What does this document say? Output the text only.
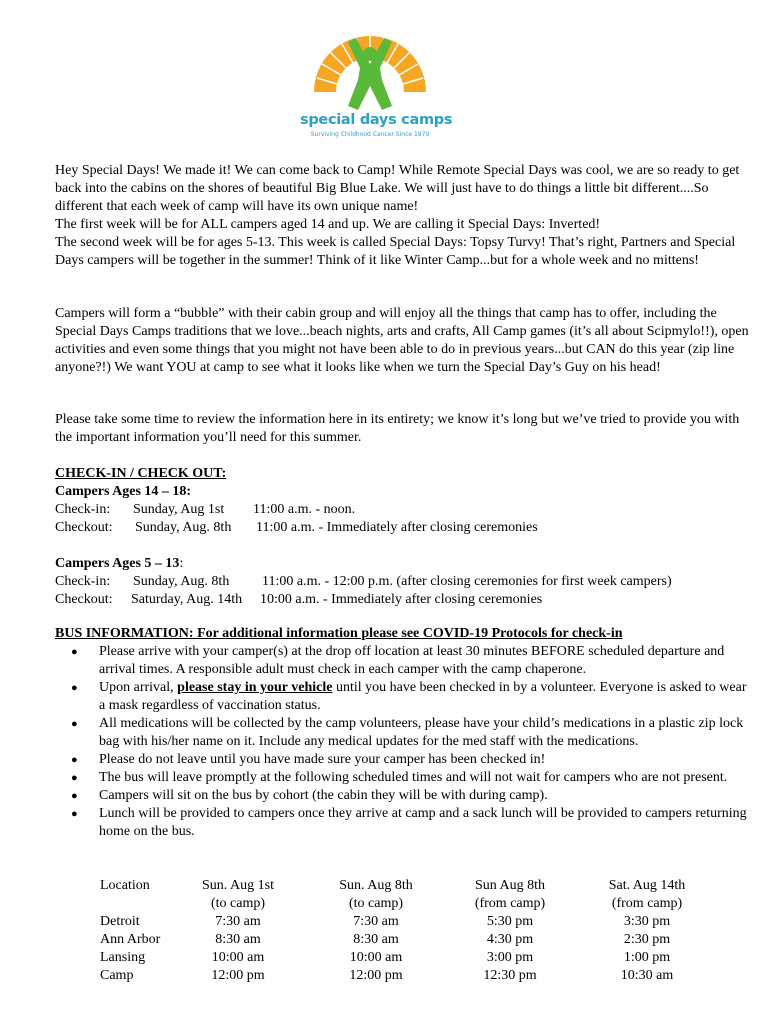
special days camps
Surviving Childhood Cancer Since 1979

Hey Special Days! We made it! We can come back to Camp! While Remote Special Days was cool, we are so ready to get back into the cabins on the shores of beautiful Big Blue Lake. We will just have to do things a little bit different....So different that each week of camp will have its own unique name!

The first week will be for ALL campers aged 14 and up. We are calling it Special Days: Inverted!

The second week will be for ages 5-13. This week is called Special Days: Topsy Turvy! That’s right, Partners and Special Days campers will be together in the summer! Think of it like Winter Camp...but for a whole week and no mittens!

Campers will form a “bubble” with their cabin group and will enjoy all the things that camp has to offer, including the Special Days Camps traditions that we love...beach nights, arts and crafts, All Camp games (it’s all about Scipmylo!!), open activities and even some things that you might not have been able to do in previous years...but CAN do this year (zip line anyone?!) We want YOU at camp to see what it looks like when we turn the Special Day’s Guy on his head!
Please take some time to review the information here in its entirety; we know it’s long but we’ve tried to provide you with the important information you’ll need for this summer.
CHECK-IN / CHECK OUT:
Campers Ages 14 – 18:
Check-in: Sunday, Aug 1st 11:00 a.m. - noon.
Checkout: Sunday, Aug. 8th 11:00 a.m. - Immediately after closing ceremonies
Campers Ages 5 – 13:
Check-in: Sunday, Aug. 8th 11:00 a.m. - 12:00 p.m. (after closing ceremonies for first week campers)
Checkout: Saturday, Aug. 14th 10:00 a.m. - Immediately after closing ceremonies
BUS INFORMATION: For additional information please see COVID-19 Protocols for check-in
● Please arrive with your camper(s) at the drop off location at least 30 minutes BEFORE scheduled departure and arrival times. A responsible adult must check in each camper with the camp chaperone.
● Upon arrival, please stay in your vehicle until you have been checked in by a volunteer. Everyone is asked to wear a mask regardless of vaccination status.
● All medications will be collected by the camp volunteers, please have your child’s medications in a plastic zip lock bag with his/her name on it. Include any medical updates for the med staff with the medications.
● Please do not leave until you have made sure your camper has been checked in!
● The bus will leave promptly at the following scheduled times and will not wait for campers who are not present.
● Campers will sit on the bus by cohort (the cabin they will be with during camp).
● Lunch will be provided to campers once they arrive at camp and a sack lunch will be provided to campers returning home on the bus.
Location
Detroit
Ann Arbor
Lansing
Camp
Sun. Aug 1st
(to camp)
7:30 am
8:30 am
10:00 am
12:00 pm
Sun. Aug 8th
(to camp)
7:30 am
8:30 am
10:00 am
12:00 pm
Sun Aug 8th
(from camp)
5:30 pm
4:30 pm
3:00 pm
12:30 pm
Sat. Aug 14th
(from camp)
3:30 pm
2:30 pm
1:00 pm
10:30 am
